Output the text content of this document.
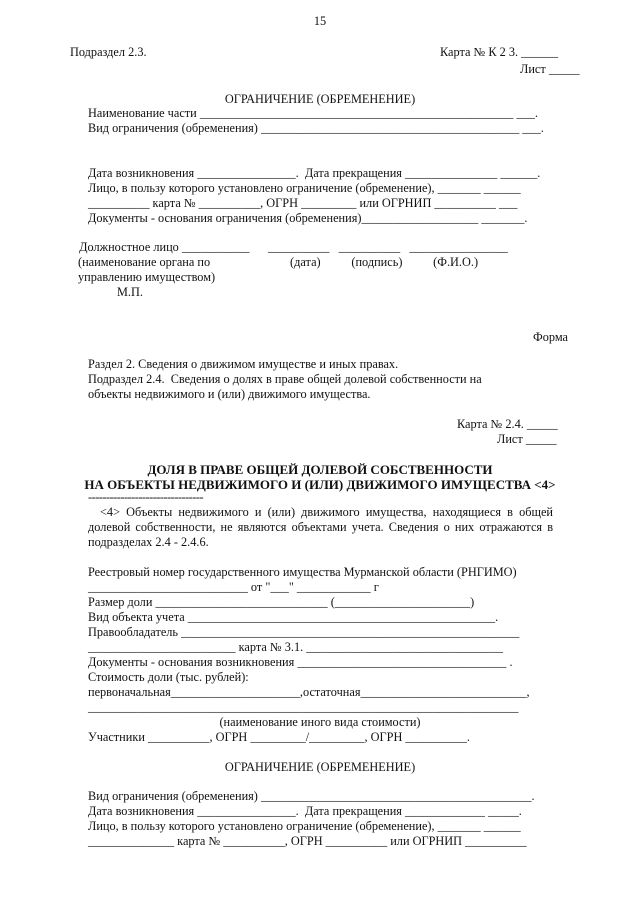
15
Подраздел 2.3.	Карта № К 2 3. ______
Лист _____
ОГРАНИЧЕНИЕ (ОБРЕМЕНЕНИЕ)
Наименование части ___________________________________________________ ___.
Вид ограничения (обременения) __________________________________________ ___.
Дата возникновения ________________.  Дата прекращения _______________ ______.
Лицо, в пользу которого установлено ограничение (обременение), _______ ______
__________ карта № __________, ОГРН _________ или ОГРНИП __________ ___
Документы - основания ограничения (обременения)___________________ _______.
Должностное лицо ___________      __________   __________   ________________
(наименование органа по                          (дата)          (подпись)          (Ф.И.О.)
управлению имуществом)
М.П.
Форма
Раздел 2. Сведения о движимом имуществе и иных правах.
Подраздел 2.4.  Сведения о долях в праве общей долевой собственности на
объекты недвижимого и (или) движимого имущества.
Карта № 2.4. _____
Лист _____
ДОЛЯ В ПРАВЕ ОБЩЕЙ ДОЛЕВОЙ СОБСТВЕННОСТИ
НА ОБЪЕКТЫ НЕДВИЖИМОГО И (ИЛИ) ДВИЖИМОГО ИМУЩЕСТВА <4>
--------------------------------
<4> Объекты недвижимого и (или) движимого имущества, находящиеся в общей долевой собственности, не являются объектами учета. Сведения о них отражаются в подразделах 2.4 - 2.4.6.
Реестровый номер государственного имущества Мурманской области (РНГИМО)
__________________________ от "___" ____________ г
Размер доли ____________________________ (______________________)
Вид объекта учета __________________________________________________.
Правообладатель _______________________________________________________
________________________ карта № 3.1. ________________________________
Документы - основания возникновения __________________________________ .
Стоимость доли (тыс. рублей):
первоначальная_____________________,остаточная___________________________,
______________________________________________________________________
(наименование иного вида стоимости)
Участники __________, ОГРН _________/_________, ОГРН __________.
ОГРАНИЧЕНИЕ (ОБРЕМЕНЕНИЕ)
Вид ограничения (обременения) ____________________________________________.
Дата возникновения ________________.  Дата прекращения _____________ _____.
Лицо, в пользу которого установлено ограничение (обременение), _______ ______
______________ карта № __________, ОГРН __________ или ОГРНИП __________
